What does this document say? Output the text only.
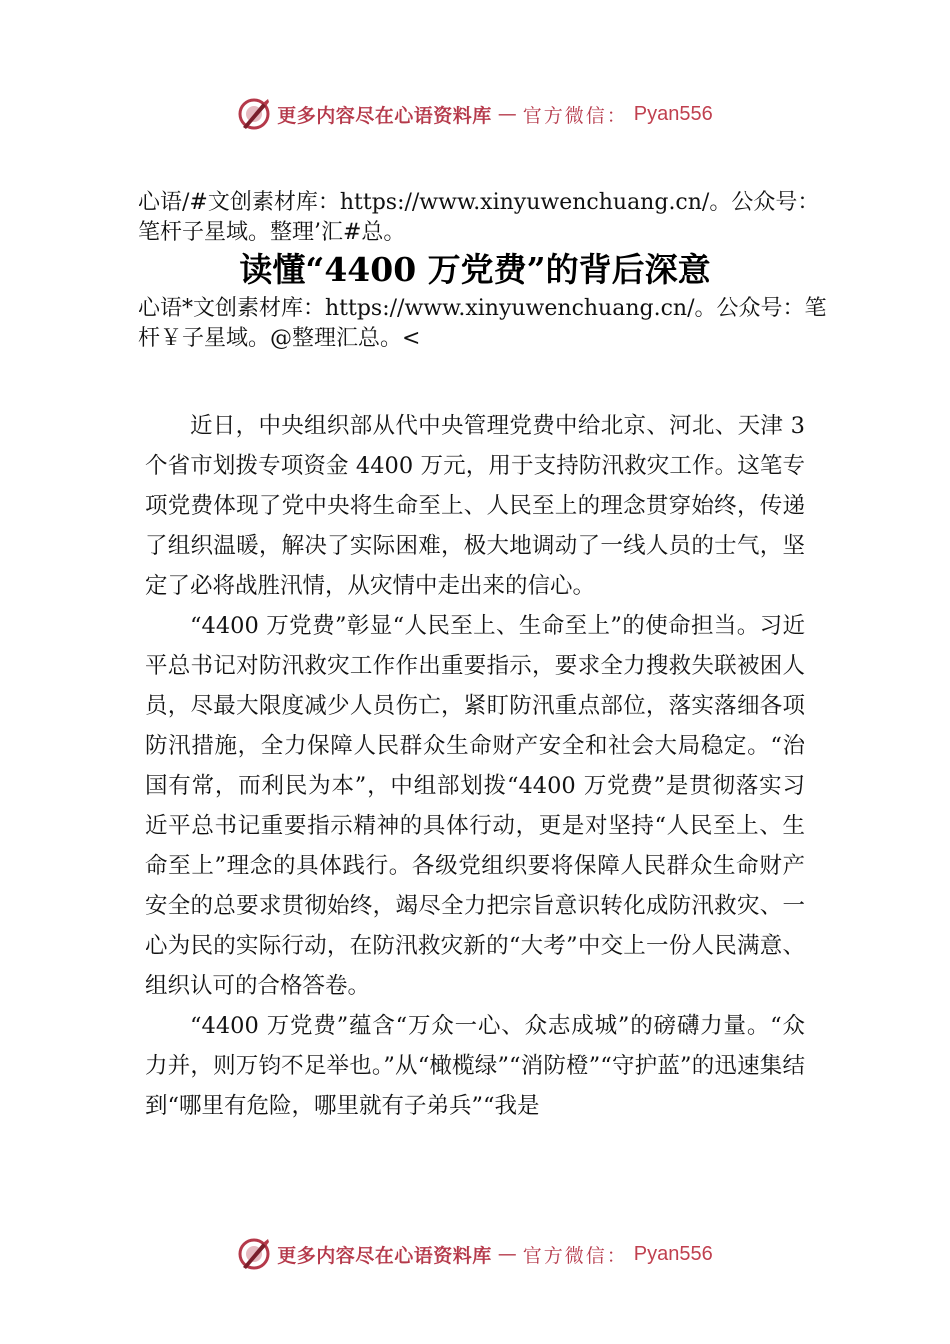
更多内容尽在心语资料库 — 官方微信： Pyan556
心语/#文创素材库：https://www.xinyuwenchuang.cn/。公众号：笔杆子星域。整理’汇#总。
读懂“4400 万党费”的背后深意
心语*文创素材库：https://www.xinyuwenchuang.cn/。公众号：笔杆￥子星域。@整理汇总。<

近日，中央组织部从代中央管理党费中给北京、河北、天津 3 个省市划拨专项资金 4400 万元，用于支持防汛救灾工作。这笔专项党费体现了党中央将生命至上、人民至上的理念贯穿始终，传递了组织温暖，解决了实际困难，极大地调动了一线人员的士气，坚定了必将战胜汛情，从灾情中走出来的信心。

“4400 万党费”彰显“人民至上、生命至上”的使命担当。习近平总书记对防汛救灾工作作出重要指示，要求全力搜救失联被困人员，尽最大限度减少人员伤亡，紧盯防汛重点部位，落实落细各项防汛措施，全力保障人民群众生命财产安全和社会大局稳定。“治国有常，而利民为本”，中组部划拨“4400 万党费”是贯彻落实习近平总书记重要指示精神的具体行动，更是对坚持“人民至上、生命至上”理念的具体践行。各级党组织要将保障人民群众生命财产安全的总要求贯彻始终，竭尽全力把宗旨意识转化成防汛救灾、一心为民的实际行动，在防汛救灾新的“大考”中交上一份人民满意、组织认可的合格答卷。

“4400 万党费”蕴含“万众一心、众志成城”的磅礴力量。“众力并，则万钧不足举也。”从“橄榄绿”“消防橙”“守护蓝”的迅速集结到“哪里有危险，哪里就有子弟兵”“我是

更多内容尽在心语资料库 — 官方微信： Pyan556
